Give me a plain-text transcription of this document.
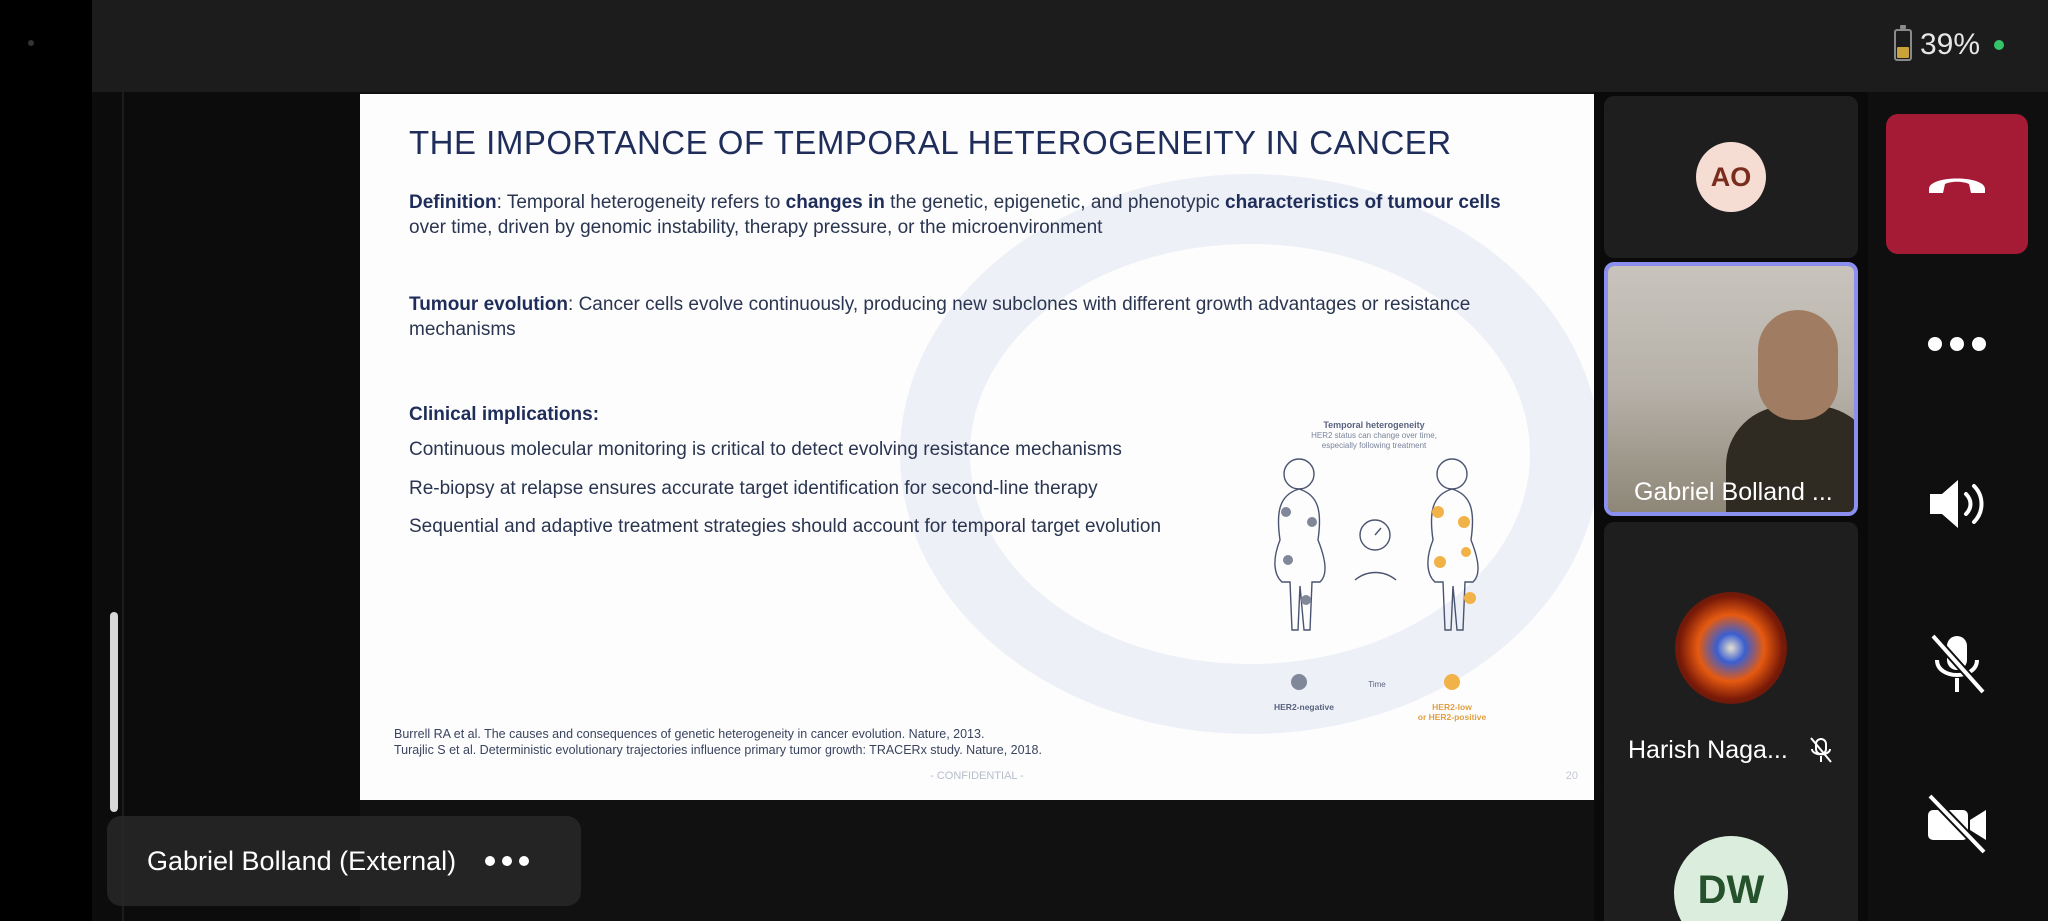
39%
THE IMPORTANCE OF TEMPORAL HETEROGENEITY IN CANCER
Definition: Temporal heterogeneity refers to changes in the genetic, epigenetic, and phenotypic characteristics of tumour cells
over time, driven by genomic instability, therapy pressure, or the microenvironment
Tumour evolution: Cancer cells evolve continuously, producing new subclones with different growth advantages or resistance
mechanisms
Clinical implications:
Continuous molecular monitoring is critical to detect evolving resistance mechanisms
Re-biopsy at relapse ensures accurate target identification for second-line therapy
Sequential and adaptive treatment strategies should account for temporal target evolution
Temporal heterogeneity
HER2 status can change over time,
especially following treatment
Time
HER2-negative	HER2-low
or HER2-positive
Burrell RA et al. The causes and consequences of genetic heterogeneity in cancer evolution. Nature, 2013.
Turajlic S et al. Deterministic evolutionary trajectories influence primary tumor growth: TRACERx study. Nature, 2018.
- CONFIDENTIAL -	20
Gabriel Bolland (External)
AO
Gabriel Bolland ...
Harish Naga...
DW
